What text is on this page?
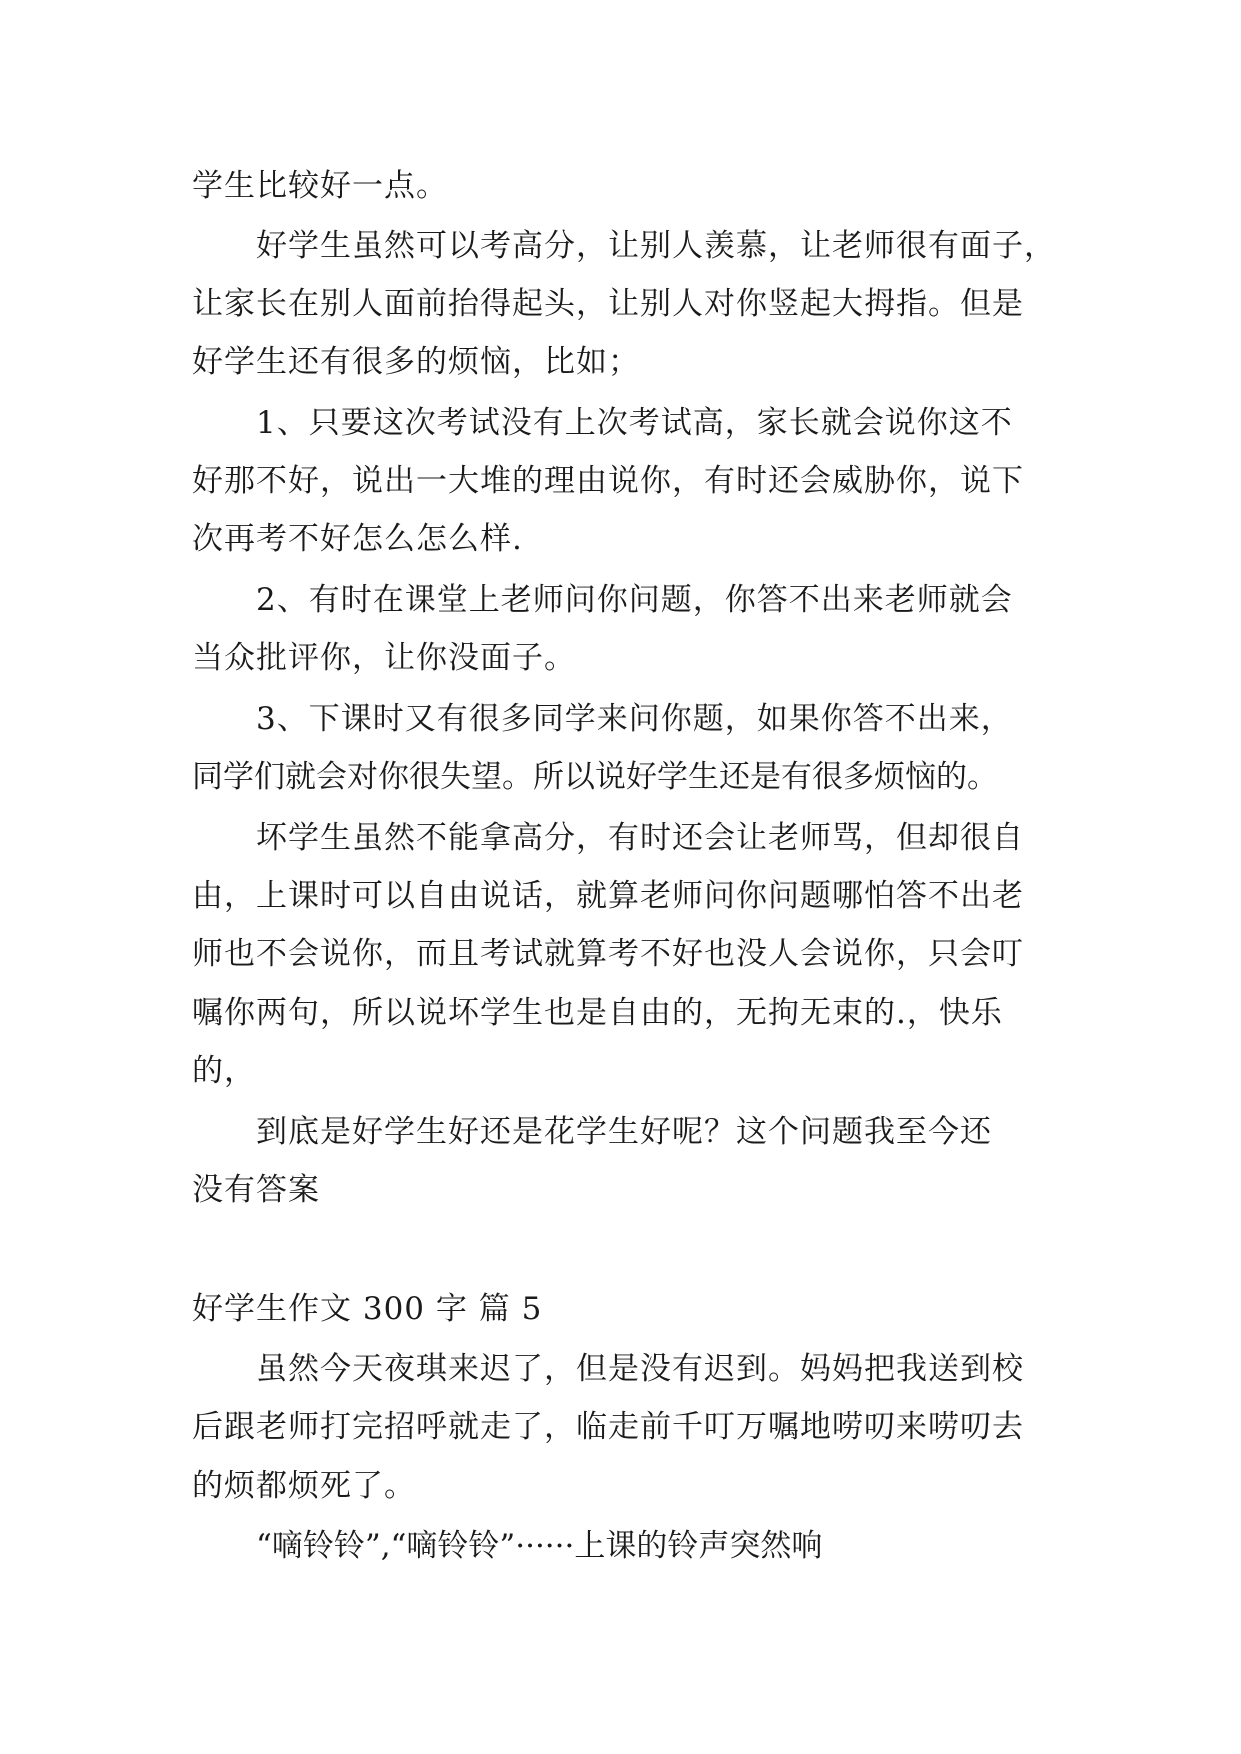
学生比较好一点。
好学生虽然可以考高分，让别人羡慕，让老师很有面子，
让家长在别人面前抬得起头，让别人对你竖起大拇指。但是
好学生还有很多的烦恼，比如；
1、只要这次考试没有上次考试高，家长就会说你这不
好那不好，说出一大堆的理由说你，有时还会威胁你，说下
次再考不好怎么怎么样.
2、有时在课堂上老师问你问题，你答不出来老师就会
当众批评你，让你没面子。
3、下课时又有很多同学来问你题，如果你答不出来，
同学们就会对你很失望。所以说好学生还是有很多烦恼的。
坏学生虽然不能拿高分，有时还会让老师骂，但却很自
由，上课时可以自由说话，就算老师问你问题哪怕答不出老
师也不会说你，而且考试就算考不好也没人会说你，只会叮
嘱你两句，所以说坏学生也是自由的，无拘无束的.，快乐
的，
到底是好学生好还是花学生好呢？这个问题我至今还
没有答案
好学生作文 300 字 篇 5
虽然今天夜琪来迟了，但是没有迟到。妈妈把我送到校
后跟老师打完招呼就走了，临走前千叮万嘱地唠叨来唠叨去
的烦都烦死了。
“嘀铃铃”,“嘀铃铃”······上课的铃声突然响
